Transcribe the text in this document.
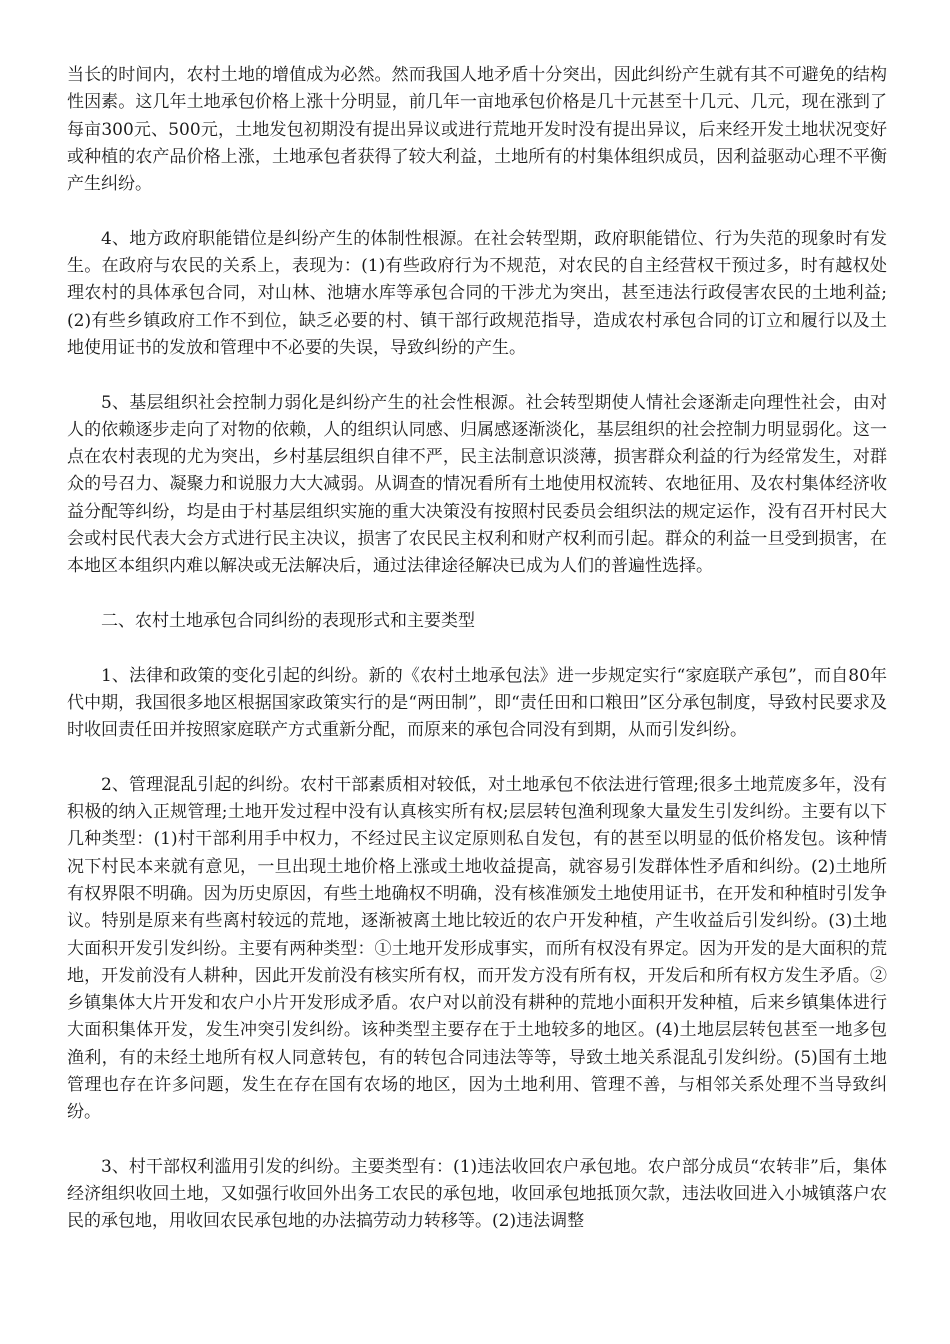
当长的时间内，农村土地的增值成为必然。然而我国人地矛盾十分突出，因此纠纷产生就有其不可避免的结构性因素。这几年土地承包价格上涨十分明显，前几年一亩地承包价格是几十元甚至十几元、几元，现在涨到了每亩300元、500元，土地发包初期没有提出异议或进行荒地开发时没有提出异议，后来经开发土地状况变好或种植的农产品价格上涨，土地承包者获得了较大利益，土地所有的村集体组织成员，因利益驱动心理不平衡产生纠纷。

4、地方政府职能错位是纠纷产生的体制性根源。在社会转型期，政府职能错位、行为失范的现象时有发生。在政府与农民的关系上，表现为：(1)有些政府行为不规范，对农民的自主经营权干预过多，时有越权处理农村的具体承包合同，对山林、池塘水库等承包合同的干涉尤为突出，甚至违法行政侵害农民的土地利益;(2)有些乡镇政府工作不到位，缺乏必要的村、镇干部行政规范指导，造成农村承包合同的订立和履行以及土地使用证书的发放和管理中不必要的失误，导致纠纷的产生。

5、基层组织社会控制力弱化是纠纷产生的社会性根源。社会转型期使人情社会逐渐走向理性社会，由对人的依赖逐步走向了对物的依赖，人的组织认同感、归属感逐渐淡化，基层组织的社会控制力明显弱化。这一点在农村表现的尤为突出，乡村基层组织自律不严，民主法制意识淡薄，损害群众利益的行为经常发生，对群众的号召力、凝聚力和说服力大大减弱。从调查的情况看所有土地使用权流转、农地征用、及农村集体经济收益分配等纠纷，均是由于村基层组织实施的重大决策没有按照村民委员会组织法的规定运作，没有召开村民大会或村民代表大会方式进行民主决议，损害了农民民主权利和财产权利而引起。群众的利益一旦受到损害，在本地区本组织内难以解决或无法解决后，通过法律途径解决已成为人们的普遍性选择。

二、农村土地承包合同纠纷的表现形式和主要类型

1、法律和政策的变化引起的纠纷。新的《农村土地承包法》进一步规定实行“家庭联产承包”，而自80年代中期，我国很多地区根据国家政策实行的是“两田制”，即“责任田和口粮田”区分承包制度，导致村民要求及时收回责任田并按照家庭联产方式重新分配，而原来的承包合同没有到期，从而引发纠纷。

2、管理混乱引起的纠纷。农村干部素质相对较低，对土地承包不依法进行管理;很多土地荒废多年，没有积极的纳入正规管理;土地开发过程中没有认真核实所有权;层层转包渔利现象大量发生引发纠纷。主要有以下几种类型：(1)村干部利用手中权力，不经过民主议定原则私自发包，有的甚至以明显的低价格发包。该种情况下村民本来就有意见，一旦出现土地价格上涨或土地收益提高，就容易引发群体性矛盾和纠纷。(2)土地所有权界限不明确。因为历史原因，有些土地确权不明确，没有核准颁发土地使用证书，在开发和种植时引发争议。特别是原来有些离村较远的荒地，逐渐被离土地比较近的农户开发种植，产生收益后引发纠纷。(3)土地大面积开发引发纠纷。主要有两种类型：①土地开发形成事实，而所有权没有界定。因为开发的是大面积的荒地，开发前没有人耕种，因此开发前没有核实所有权，而开发方没有所有权，开发后和所有权方发生矛盾。②乡镇集体大片开发和农户小片开发形成矛盾。农户对以前没有耕种的荒地小面积开发种植，后来乡镇集体进行大面积集体开发，发生冲突引发纠纷。该种类型主要存在于土地较多的地区。(4)土地层层转包甚至一地多包渔利，有的未经土地所有权人同意转包，有的转包合同违法等等，导致土地关系混乱引发纠纷。(5)国有土地管理也存在许多问题，发生在存在国有农场的地区，因为土地利用、管理不善，与相邻关系处理不当导致纠纷。

3、村干部权利滥用引发的纠纷。主要类型有：(1)违法收回农户承包地。农户部分成员“农转非”后，集体经济组织收回土地，又如强行收回外出务工农民的承包地，收回承包地抵顶欠款，违法收回进入小城镇落户农民的承包地，用收回农民承包地的办法搞劳动力转移等。(2)违法调整
